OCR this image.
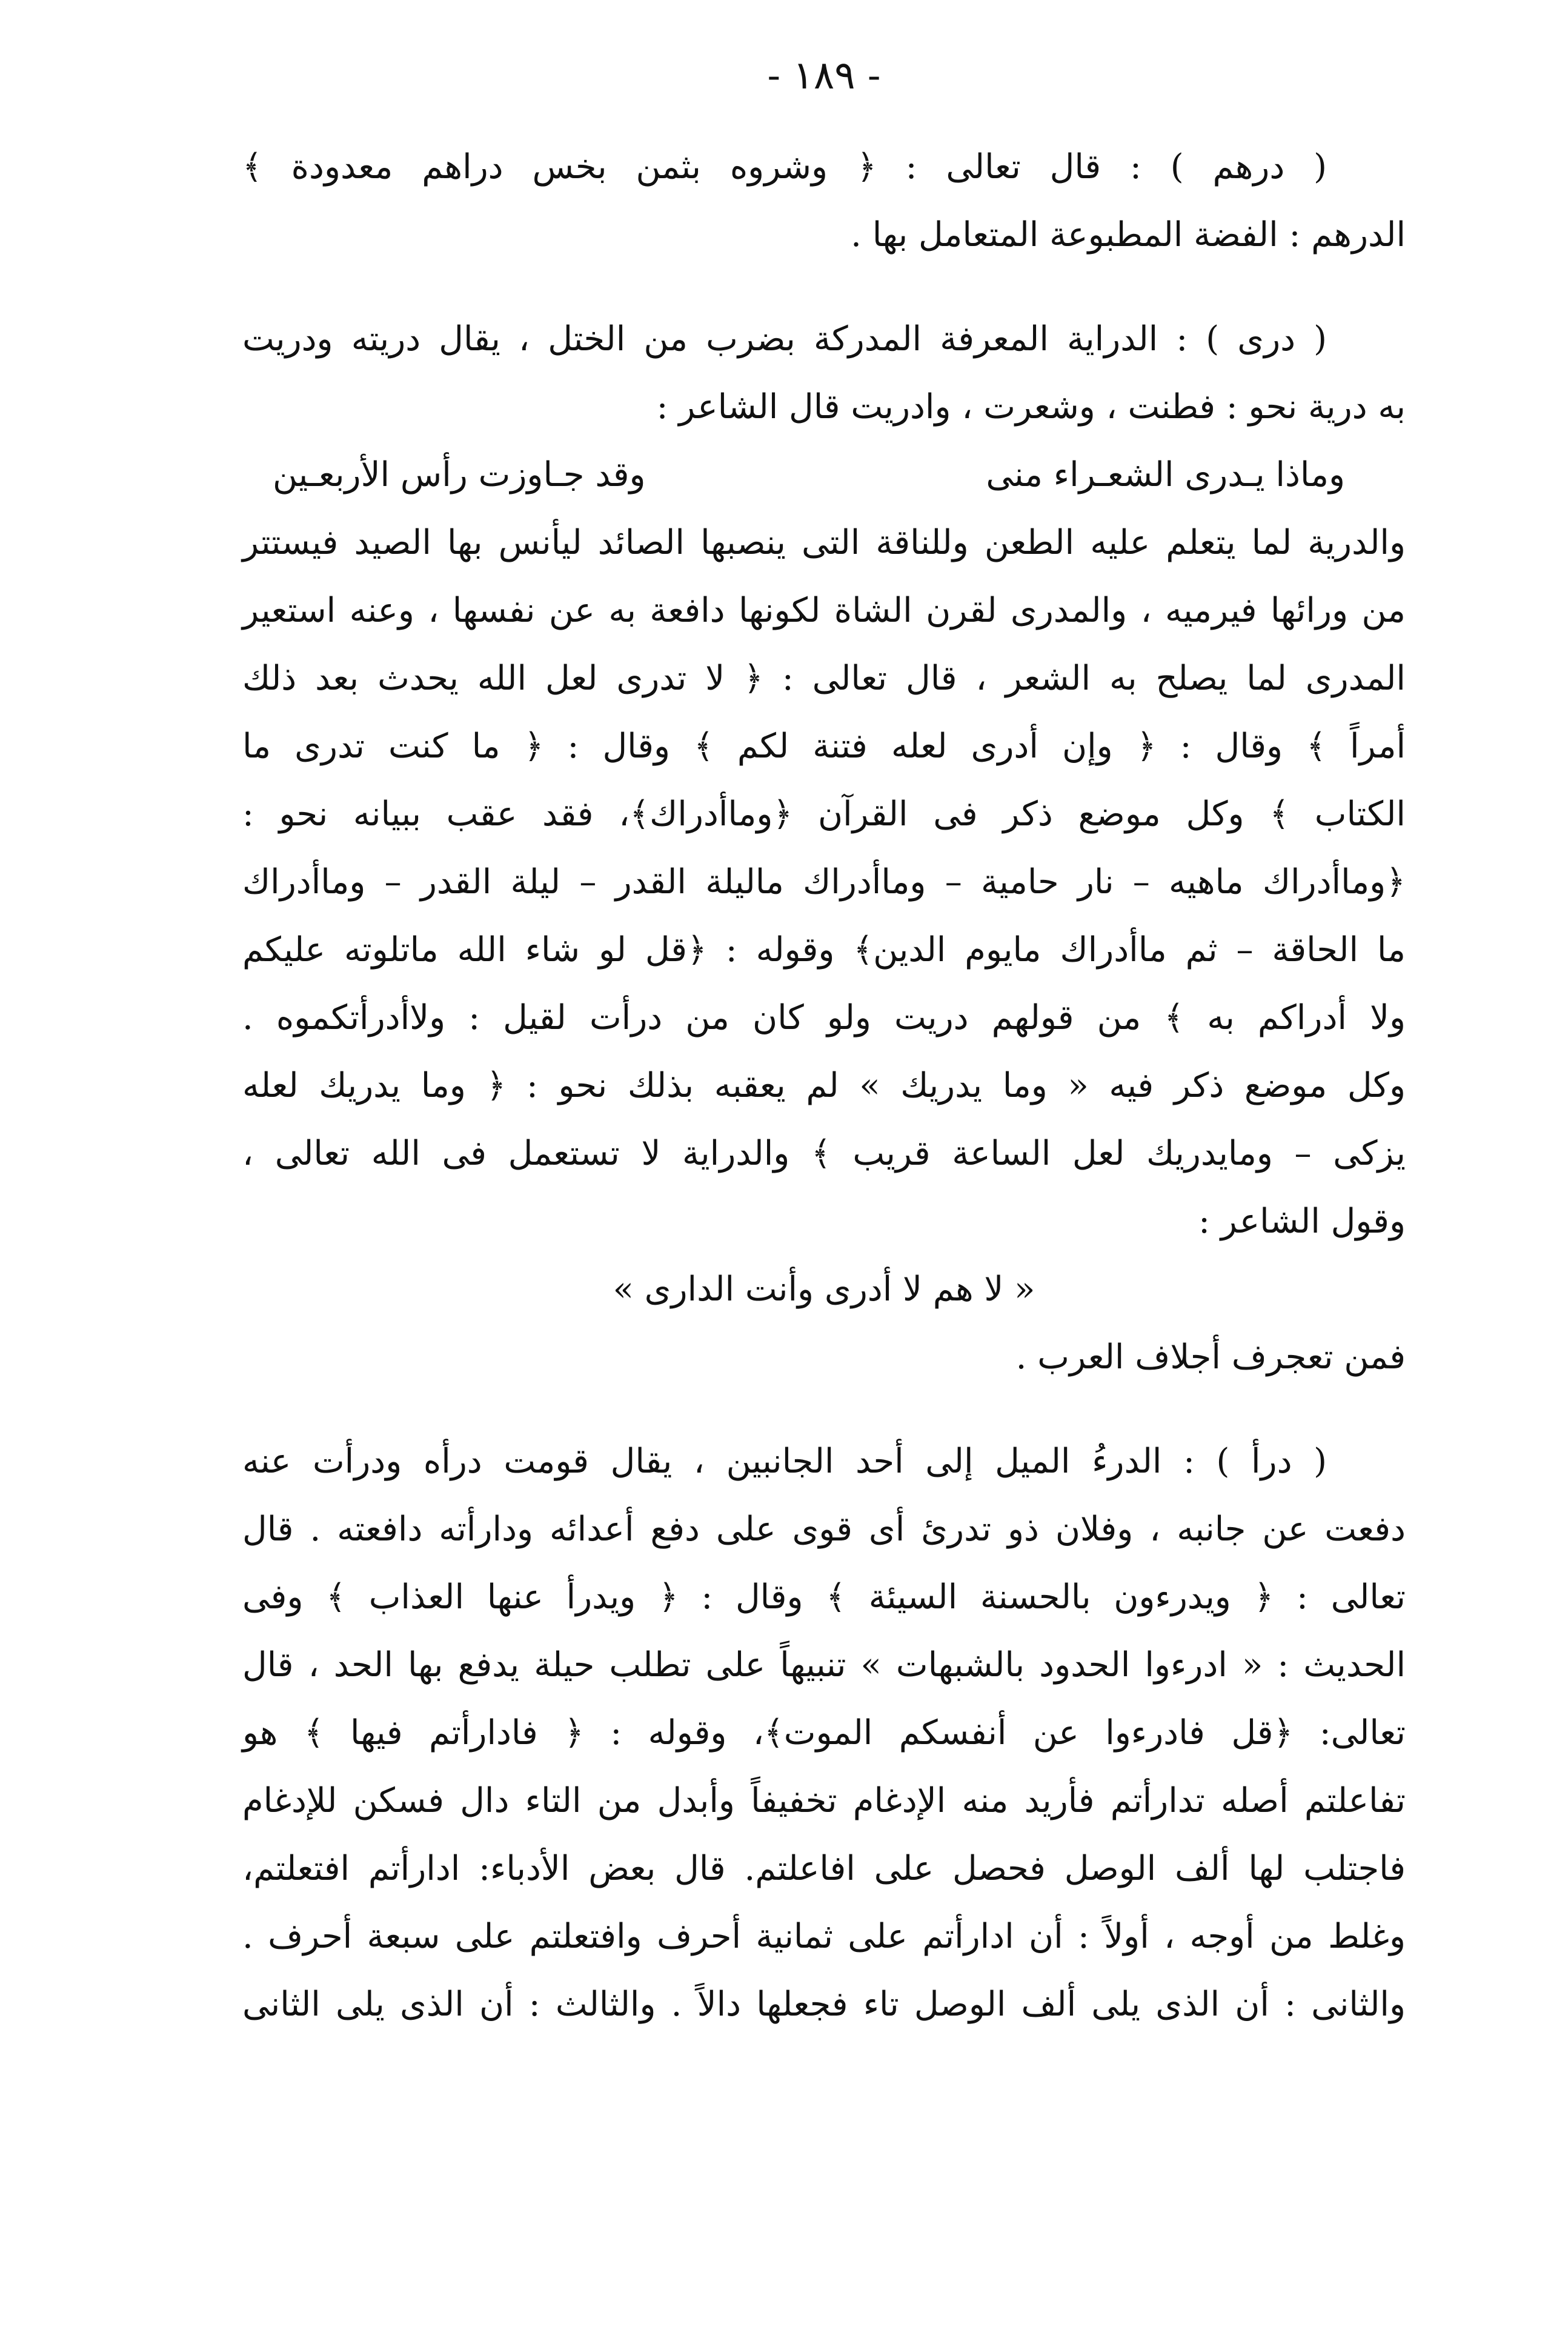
- ١٨٩ -
( درهم ) : قال تعالى : ﴿ وشروه بثمن بخس دراهم معدودة ﴾
الدرهم : الفضة المطبوعة المتعامل بها .
( درى ) : الدراية المعرفة المدركة بضرب من الختل ، يقال دريته ودريت
به درية نحو : فطنت ، وشعرت ، وادريت قال الشاعر :
وماذا يـدرى الشعـراء منى
وقد جـاوزت رأس الأربعـين
والدرية لما يتعلم عليه الطعن وللناقة التى ينصبها الصائد ليأنس بها الصيد فيستتر
من ورائها فيرميه ، والمدرى لقرن الشاة لكونها دافعة به عن نفسها ، وعنه استعير
المدرى لما يصلح به الشعر ، قال تعالى : ﴿ لا تدرى لعل الله يحدث بعد ذلك
أمراً ﴾ وقال : ﴿ وإن أدرى لعله فتنة لكم ﴾ وقال : ﴿ ما كنت تدرى ما
الكتاب ﴾ وكل موضع ذكر فى القرآن ﴿وماأدراك﴾، فقد عقب ببيانه نحو :
﴿وماأدراك ماهيه – نار حامية – وماأدراك ماليلة القدر – ليلة القدر – وماأدراك
ما الحاقة – ثم ماأدراك مايوم الدين﴾ وقوله : ﴿قل لو شاء الله ماتلوته عليكم
ولا أدراكم به ﴾ من قولهم دريت ولو كان من درأت لقيل : ولاأدرأتكموه .
وكل موضع ذكر فيه « وما يدريك » لم يعقبه بذلك نحو : ﴿ وما يدريك لعله
يزكى – ومايدريك لعل الساعة قريب ﴾ والدراية لا تستعمل فى الله تعالى ،
وقول الشاعر :
« لا هم لا أدرى وأنت الدارى »
فمن تعجرف أجلاف العرب .
( درأ ) : الدرءُ الميل إلى أحد الجانبين ، يقال قومت درأه ودرأت عنه
دفعت عن جانبه ، وفلان ذو تدرئ أى قوى على دفع أعدائه ودارأته دافعته . قال
تعالى : ﴿ ويدرءون بالحسنة السيئة ﴾ وقال : ﴿ ويدرأ عنها العذاب ﴾ وفى
الحديث : « ادرءوا الحدود بالشبهات » تنبيهاً على تطلب حيلة يدفع بها الحد ، قال
تعالى: ﴿قل فادرءوا عن أنفسكم الموت﴾، وقوله : ﴿ فادارأتم فيها ﴾ هو
تفاعلتم أصله تدارأتم فأريد منه الإدغام تخفيفاً وأبدل من التاء دال فسكن للإدغام
فاجتلب لها ألف الوصل فحصل على افاعلتم. قال بعض الأدباء: ادارأتم افتعلتم،
وغلط من أوجه ، أولاً : أن ادارأتم على ثمانية أحرف وافتعلتم على سبعة أحرف .
والثانى : أن الذى يلى ألف الوصل تاء فجعلها دالاً . والثالث : أن الذى يلى الثانى
